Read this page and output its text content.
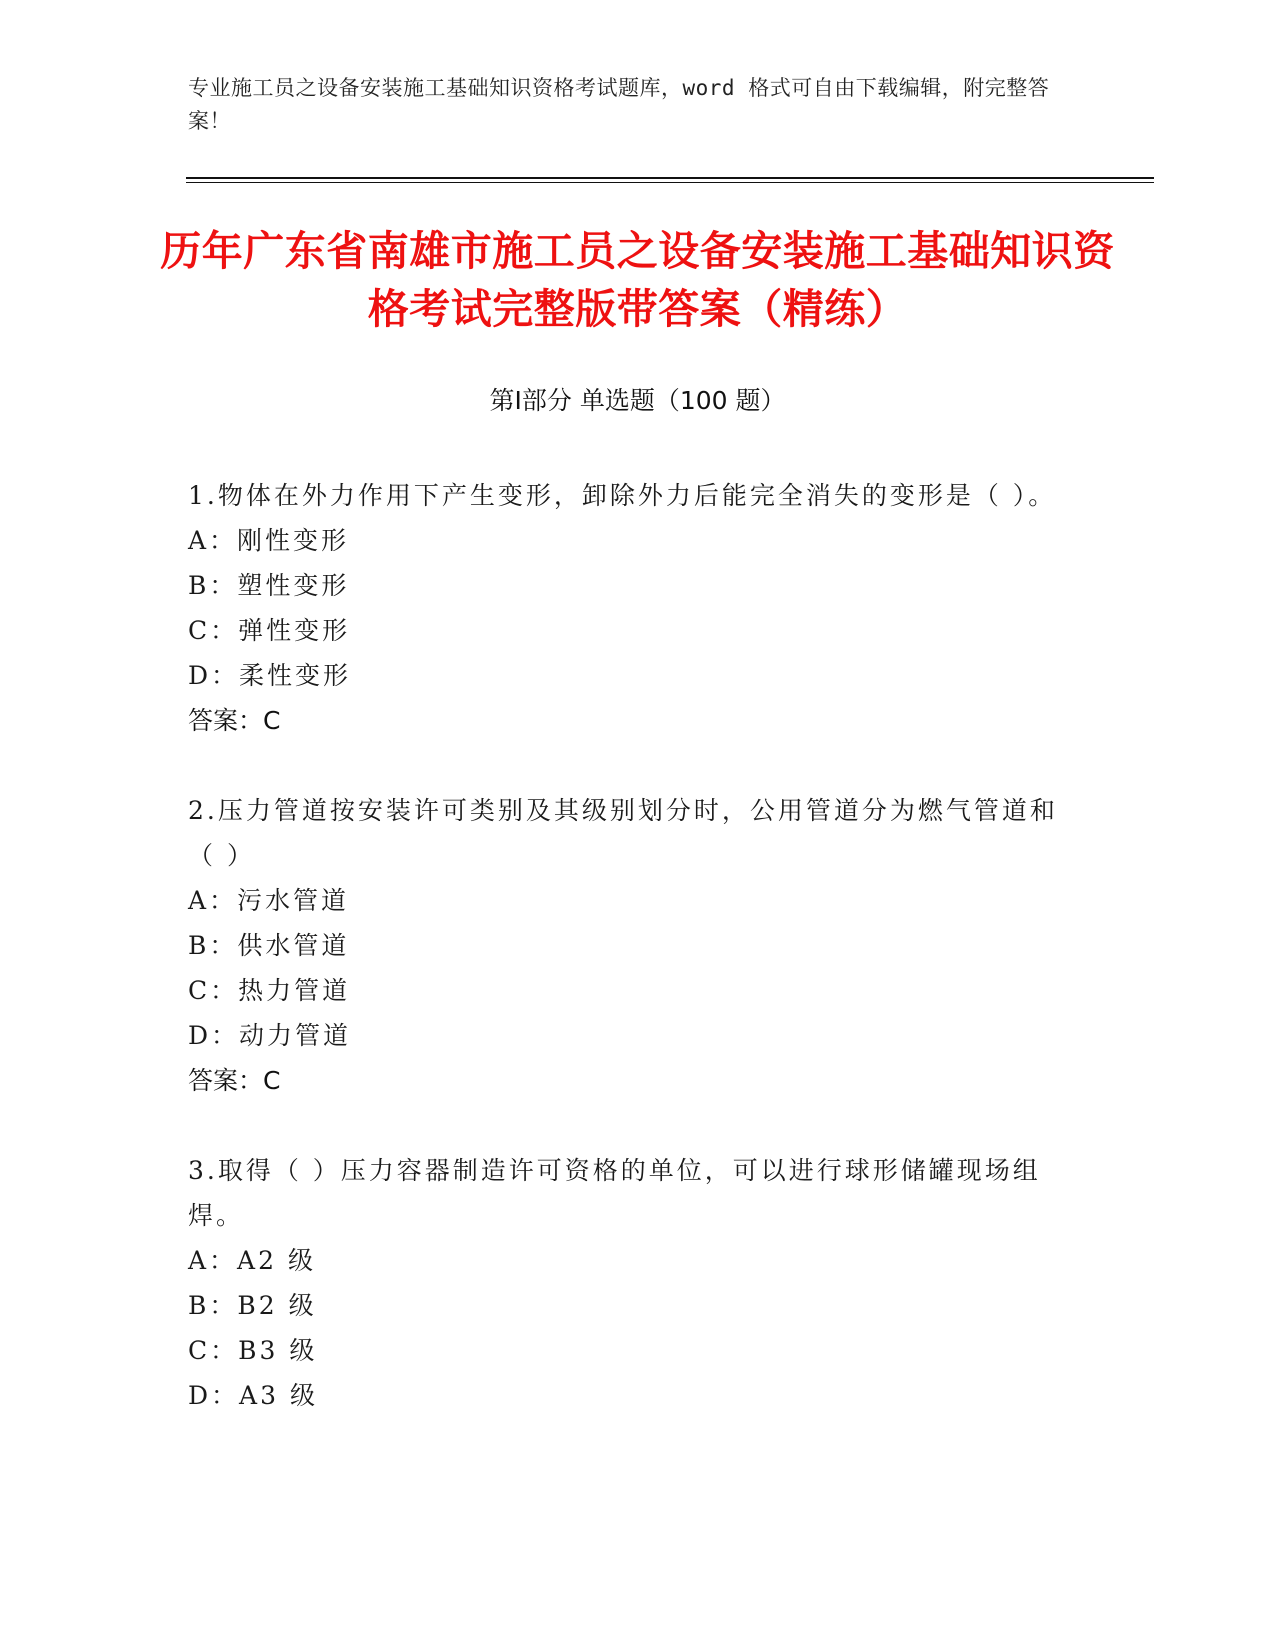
专业施工员之设备安装施工基础知识资格考试题库，word 格式可自由下载编辑，附完整答案！
历年广东省南雄市施工员之设备安装施工基础知识资格考试完整版带答案（精练）
第Ⅰ部分 单选题（100 题）

1.物体在外力作用下产生变形，卸除外力后能完全消失的变形是（ ）。

A：刚性变形

B：塑性变形

C：弹性变形

D：柔性变形

答案：C

2.压力管道按安装许可类别及其级别划分时，公用管道分为燃气管道和（ ）

A：污水管道

B：供水管道

C：热力管道

D：动力管道

答案：C

3.取得（ ）压力容器制造许可资格的单位，可以进行球形储罐现场组焊。

A：A2 级

B：B2 级

C：B3 级

D：A3 级
